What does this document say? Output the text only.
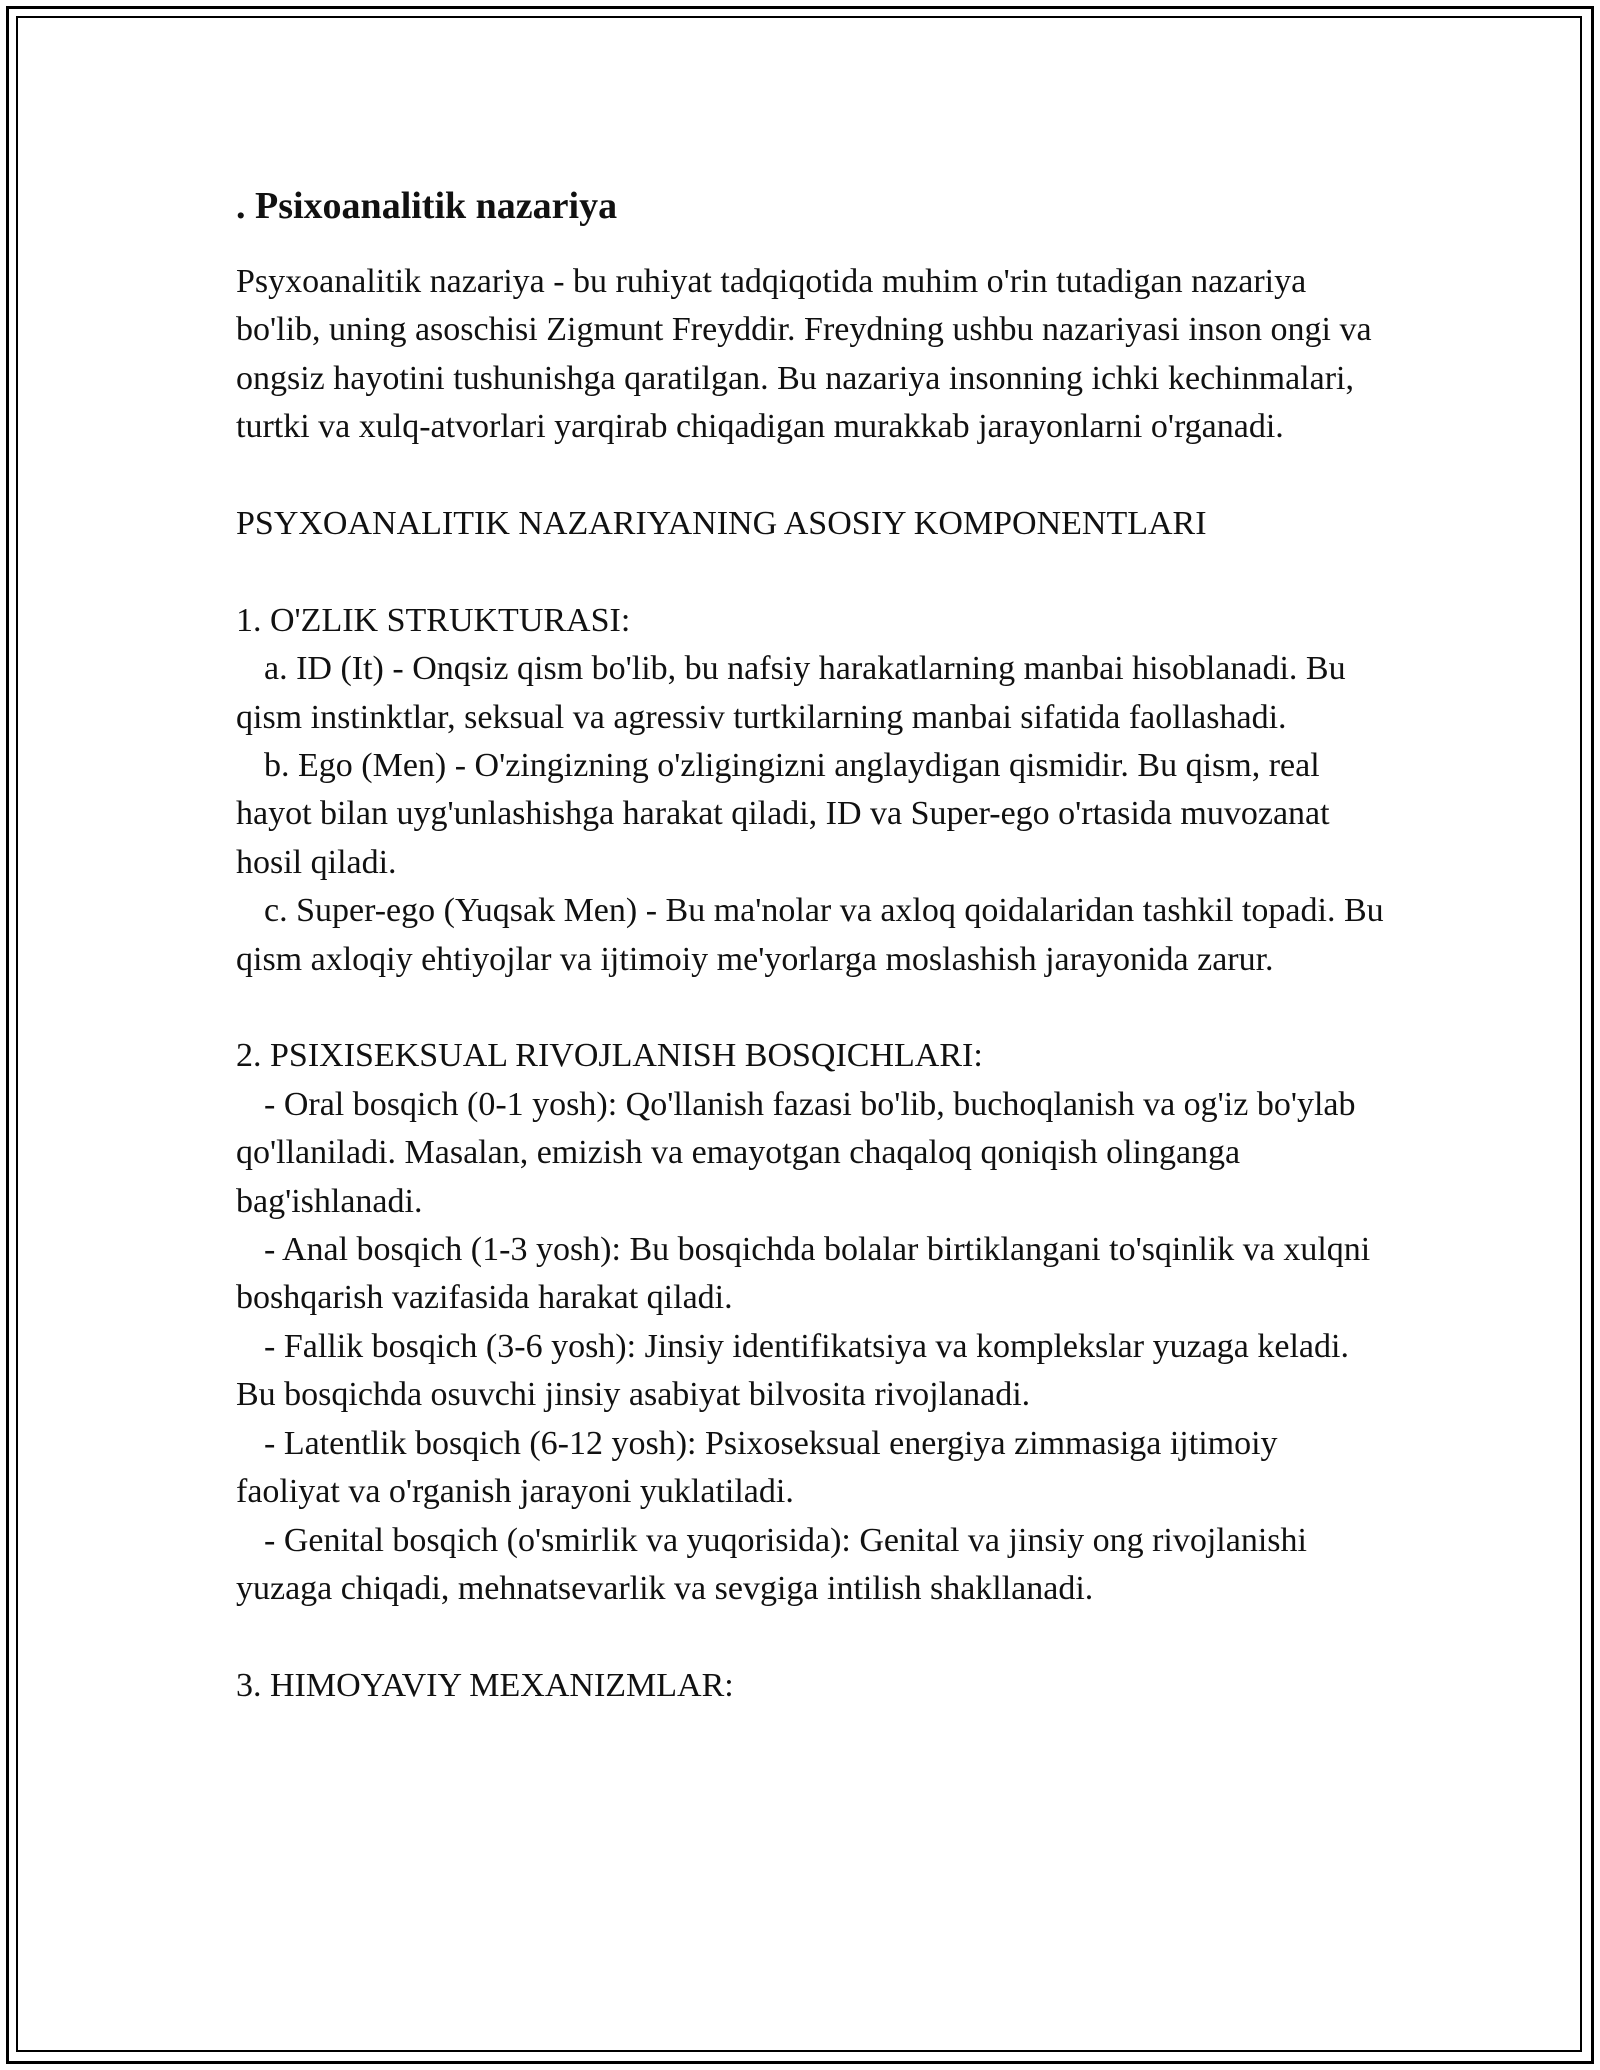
. Psixoanalitik nazariya

Psyxoanalitik nazariya - bu ruhiyat tadqiqotida muhim o'rin tutadigan nazariya bo'lib, uning asoschisi Zigmunt Freyddir. Freydning ushbu nazariyasi inson ongi va ongsiz hayotini tushunishga qaratilgan. Bu nazariya insonning ichki kechinmalari, turtki va xulq-atvorlari yarqirab chiqadigan murakkab jarayonlarni o'rganadi.

PSYXOANALITIK NAZARIYANING ASOSIY KOMPONENTLARI

1. O'ZLIK STRUKTURASI:

a. ID (It) - Onqsiz qism bo'lib, bu nafsiy harakatlarning manbai hisoblanadi. Bu qism instinktlar, seksual va agressiv turtkilarning manbai sifatida faollashadi.

b. Ego (Men) - O'zingizning o'zligingizni anglaydigan qismidir. Bu qism, real hayot bilan uyg'unlashishga harakat qiladi, ID va Super-ego o'rtasida muvozanat hosil qiladi.

c. Super-ego (Yuqsak Men) - Bu ma'nolar va axloq qoidalaridan tashkil topadi. Bu qism axloqiy ehtiyojlar va ijtimoiy me'yorlarga moslashish jarayonida zarur.

2. PSIXISEKSUAL RIVOJLANISH BOSQICHLARI:

- Oral bosqich (0-1 yosh): Qo'llanish fazasi bo'lib, buchoqlanish va og'iz bo'ylab qo'llaniladi. Masalan, emizish va emayotgan chaqaloq qoniqish olinganga bag'ishlanadi.

- Anal bosqich (1-3 yosh): Bu bosqichda bolalar birtiklangani to'sqinlik va xulqni boshqarish vazifasida harakat qiladi.

- Fallik bosqich (3-6 yosh): Jinsiy identifikatsiya va komplekslar yuzaga keladi. Bu bosqichda osuvchi jinsiy asabiyat bilvosita rivojlanadi.

- Latentlik bosqich (6-12 yosh): Psixoseksual energiya zimmasiga ijtimoiy faoliyat va o'rganish jarayoni yuklatiladi.

- Genital bosqich (o'smirlik va yuqorisida): Genital va jinsiy ong rivojlanishi yuzaga chiqadi, mehnatsevarlik va sevgiga intilish shakllanadi.

3. HIMOYAVIY MEXANIZMLAR:
